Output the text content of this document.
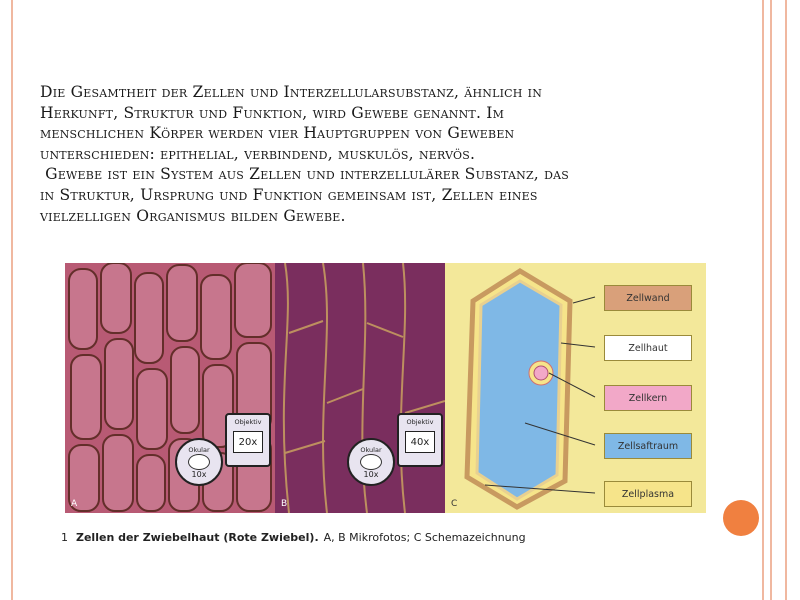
Die Gesamtheit der Zellen und Interzellularsubstanz, ähnlich in

Herkunft, Struktur und Funktion, wird Gewebe genannt. Im

menschlichen Körper werden vier Hauptgruppen von Geweben

unterschieden: epithelial, verbindend, muskulös, nervös.

Gewebe ist ein System aus Zellen und interzellulärer Substanz, das

in Struktur, Ursprung und Funktion gemeinsam ist, Zellen eines

vielzelligen Organismus bilden Gewebe.

Okular
10x
Objektiv
20x
A
Okular
10x
Objektiv
40x
B
Zellwand
Zellhaut
Zellkern
Zellsaftraum
Zellplasma
C
1 Zellen der Zwiebelhaut (Rote Zwiebel). A, B Mikrofotos; C Schemazeichnung
